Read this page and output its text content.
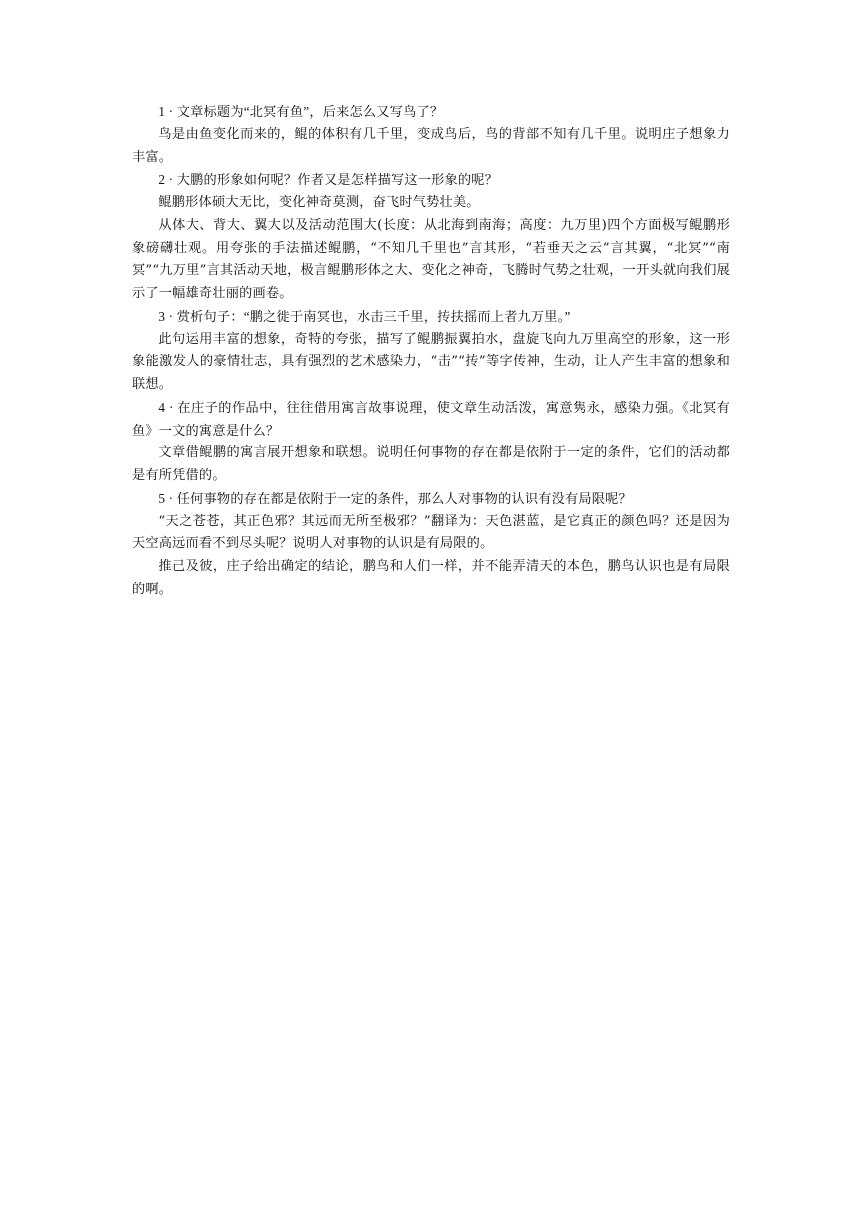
1 · 文章标题为“北冥有鱼”，后来怎么又写鸟了？

鸟是由鱼变化而来的，鲲的体积有几千里，变成鸟后，鸟的背部不知有几千里。说明庄子想象力丰富。

2 · 大鹏的形象如何呢？作者又是怎样描写这一形象的呢？

鲲鹏形体硕大无比，变化神奇莫测，奋飞时气势壮美。

从体大、背大、翼大以及活动范围大(长度：从北海到南海；高度：九万里)四个方面极写鲲鹏形象磅礴壮观。用夸张的手法描述鲲鹏，“不知几千里也”言其形，“若垂天之云”言其翼，“北冥”“南冥”“九万里”言其活动天地，极言鲲鹏形体之大、变化之神奇，飞腾时气势之壮观，一开头就向我们展示了一幅雄奇壮丽的画卷。

3 · 赏析句子：“鹏之徙于南冥也，水击三千里，抟扶摇而上者九万里。”

此句运用丰富的想象，奇特的夸张，描写了鲲鹏振翼拍水，盘旋飞向九万里高空的形象，这一形象能激发人的豪情壮志，具有强烈的艺术感染力，“击”“抟”等字传神，生动，让人产生丰富的想象和联想。

4 · 在庄子的作品中，往往借用寓言故事说理，使文章生动活泼，寓意隽永，感染力强。《北冥有鱼》一文的寓意是什么？

文章借鲲鹏的寓言展开想象和联想。说明任何事物的存在都是依附于一定的条件，它们的活动都是有所凭借的。

5 · 任何事物的存在都是依附于一定的条件，那么人对事物的认识有没有局限呢？

“天之苍苍，其正色邪？其远而无所至极邪？”翻译为：天色湛蓝，是它真正的颜色吗？还是因为天空高远而看不到尽头呢？说明人对事物的认识是有局限的。

推己及彼，庄子给出确定的结论，鹏鸟和人们一样，并不能弄清天的本色，鹏鸟认识也是有局限的啊。
